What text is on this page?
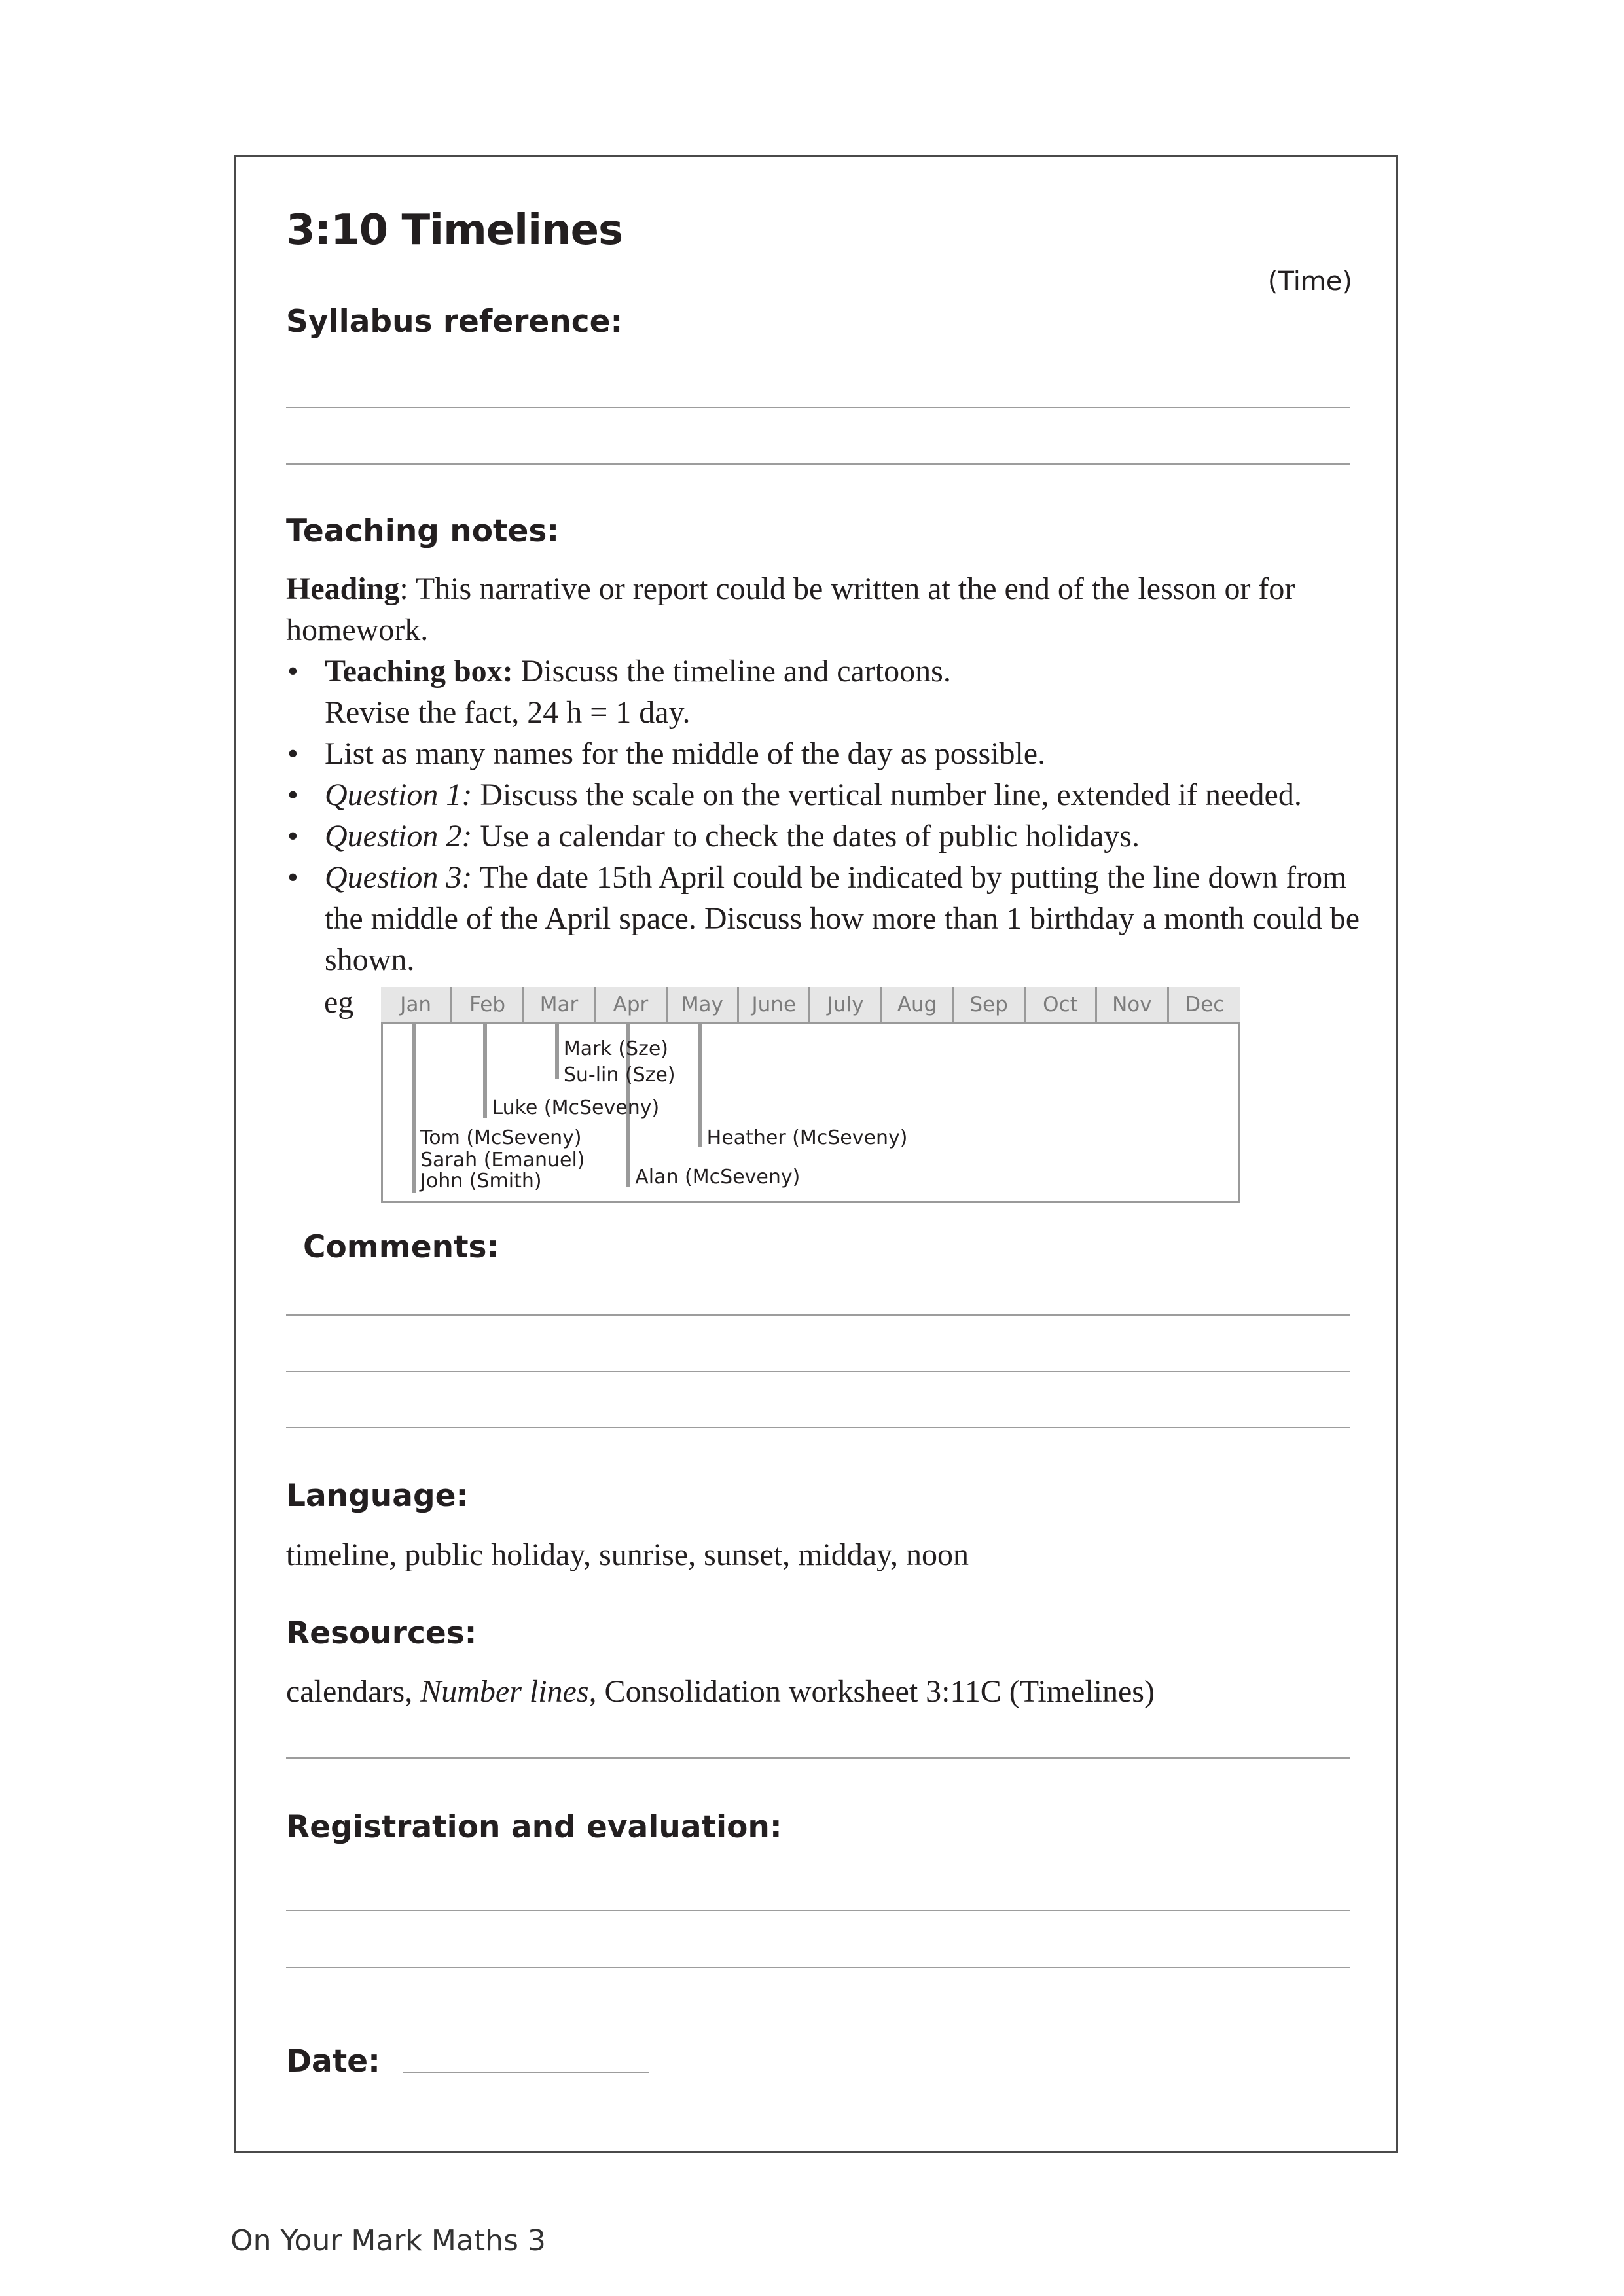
3:10 Timelines
(Time)
Syllabus reference:
Teaching notes:

Heading: This narrative or report could be written at the end of the lesson or for homework.

• Teaching box: Discuss the timeline and cartoons.
Revise the fact, 24 h = 1 day.
• List as many names for the middle of the day as possible.
• Question 1: Discuss the scale on the vertical number line, extended if needed.
• Question 2: Use a calendar to check the dates of public holidays.
• Question 3: The date 15th April could be indicated by putting the line down from the middle of the April space. Discuss how more than 1 birthday a month could be shown.
eg	Jan	Feb	Mar	Apr	May	June	July	Aug	Sep	Oct	Nov	Dec
Mark (Sze)
Su-lin (Sze)
Luke (McSeveny)
Tom (McSeveny)
Sarah (Emanuel)
John (Smith)
Heather (McSeveny)
Alan (McSeveny)
Comments:
Language:
timeline, public holiday, sunrise, sunset, midday, noon
Resources:
calendars, Number lines, Consolidation worksheet 3:11C (Timelines)
Registration and evaluation:
Date:
On Your Mark Maths 3
